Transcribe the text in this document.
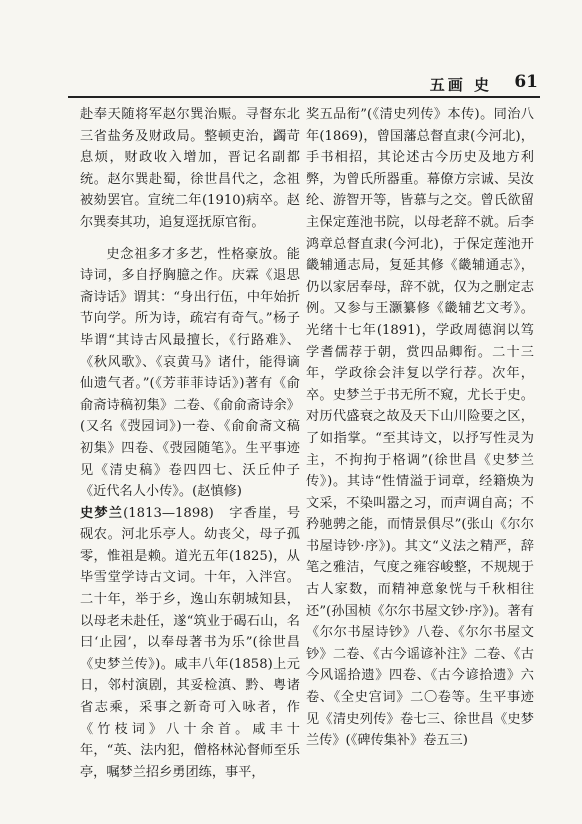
五画 史 61

赴奉天随将军赵尔巽治赈。寻督东北三省盐务及财政局。整顿吏治，蠲苛息烦，财政收入增加，晋记名副都统。赵尔巽赴蜀，徐世昌代之，念祖被劾罢官。宣统二年(1910)病卒。赵尔巽奏其功，追复逕抚原官衔。

史念祖多才多艺，性格豪放。能诗词，多自抒胸臆之作。庆霖《退思斋诗话》谓其：“身出行伍，中年始折节向学。所为诗，疏宕有奇气。”杨子毕谓“其诗古风最擅长，《行路难》、《秋风歌》、《哀黄马》诸什，能得谪仙遗气者。”(《芳菲菲诗话》)著有《俞俞斋诗稿初集》二卷、《俞俞斋诗余》(又名《弢园词》)一卷、《俞俞斋文稿初集》四卷、《弢园随笔》。生平事迹见《清史稿》卷四四七、沃丘仲子《近代名人小传》。(赵慎修)

史梦兰(1813—1898)　字香崖，号砚农。河北乐亭人。幼丧父，母子孤零，惟祖是赖。道光五年(1825)，从毕雪堂学诗古文词。十年，入泮宫。二十年，举于乡，逸山东朝城知县，以母老未赴任，遂“筑业于碣石山，名曰‘止园’，以奉母著书为乐”(徐世昌《史梦兰传》)。咸丰八年(1858)上元日，邻村演剧，其妥检滇、黔、粤诸省志乘，采事之新奇可入咏者，作《竹枝词》八十余首。咸丰十年，“英、法内犯，僧格林沁督师至乐亭，嘱梦兰招乡勇团练，事平，

奖五品衔”(《清史列传》本传)。同治八年(1869)，曾国藩总督直隶(今河北)，手书相招，其论述古今历史及地方利弊，为曾氏所器重。幕僚方宗诚、吴汝纶、游智开等，皆慕与之交。曾氏欲留主保定莲池书院，以母老辞不就。后李鸿章总督直隶(今河北)，于保定莲池开畿辅通志局，复延其修《畿辅通志》，仍以家居奉母，辞不就，仅为之删定志例。又参与王灏纂修《畿辅艺文考》。光绪十七年(1891)，学政周德润以笃学耆儒荐于朝，赏四品卿衔。二十三年，学政徐会沣复以学行荐。次年，卒。史梦兰于书无所不窥，尤长于史。对历代盛衰之故及天下山川险要之区，了如指掌。“至其诗文，以抒写性灵为主，不拘拘于格调”(徐世昌《史梦兰传》)。其诗“性情溢于词章，经籍焕为文采，不染叫嚣之习，而声调自高；不矜驰骋之能，而情景俱尽”(张山《尔尔书屋诗钞·序》)。其文“义法之精严，辞笔之雅洁，气度之雍容峻整，不规规于古人家数，而精神意象恍与千秋相往还”(孙国桢《尔尔书屋文钞·序》)。著有《尔尔书屋诗钞》八卷、《尔尔书屋文钞》二卷、《古今谣谚补注》二卷、《古今风谣拾遗》四卷、《古今谚拾遗》六卷、《全史宫词》二〇卷等。生平事迹见《清史列传》卷七三、徐世昌《史梦兰传》(《碑传集补》卷五三)
